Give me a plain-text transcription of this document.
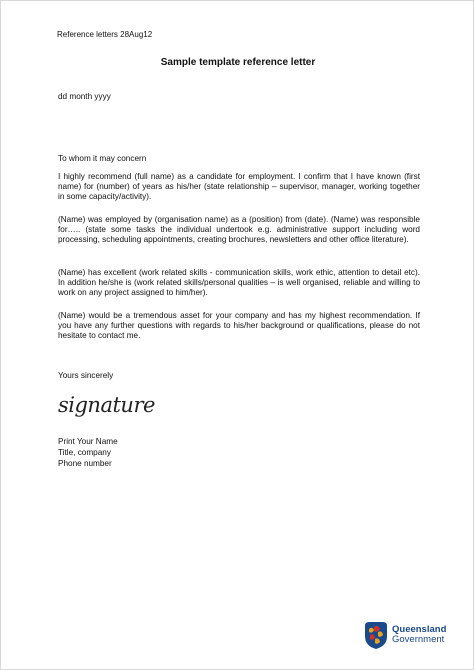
Reference letters 28Aug12
Sample template reference letter
dd month yyyy
To whom it may concern
I highly recommend (full name) as a candidate for employment. I confirm that I have known (first name) for (number) of years as his/her (state relationship – supervisor, manager, working together in some capacity/activity).
(Name) was employed by (organisation name) as a (position) from (date). (Name) was responsible for….. (state some tasks the individual undertook e.g. administrative support including word processing, scheduling appointments, creating brochures, newsletters and other office literature).
(Name) has excellent (work related skills - communication skills, work ethic, attention to detail etc). In addition he/she is (work related skills/personal qualities – is well organised, reliable and willing to work on any project assigned to him/her).
(Name) would be a tremendous asset for your company and has my highest recommendation. If you have any further questions with regards to his/her background or qualifications, please do not hesitate to contact me.
Yours sincerely
signature
Print Your Name
Title, company
Phone number
Queensland
Government
